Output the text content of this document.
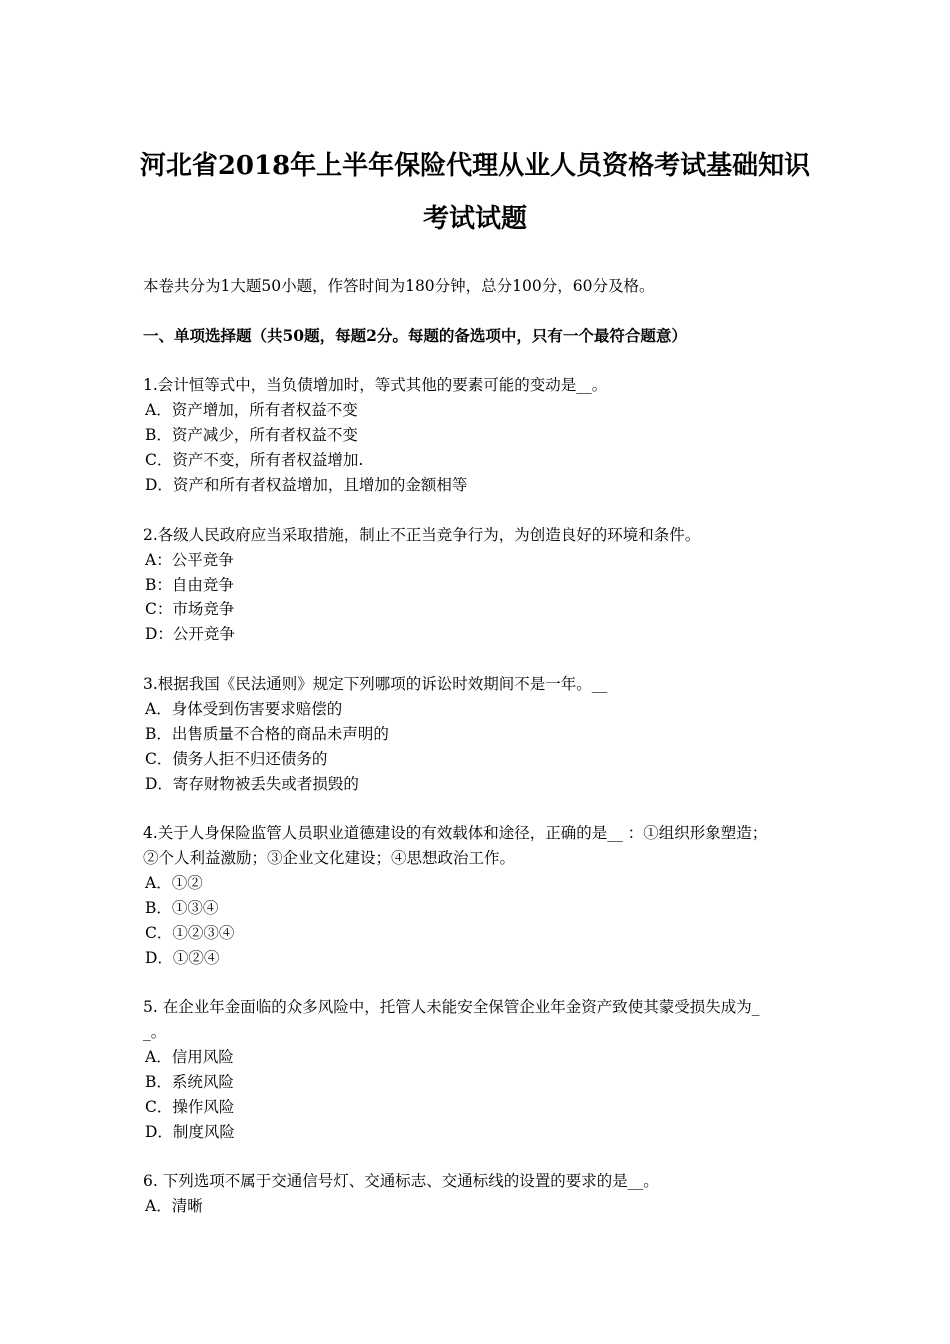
河北省2018年上半年保险代理从业人员资格考试基础知识
考试试题
本卷共分为1大题50小题，作答时间为180分钟，总分100分，60分及格。
一、单项选择题（共50题，每题2分。每题的备选项中，只有一个最符合题意）
1.会计恒等式中，当负债增加时，等式其他的要素可能的变动是__。
A．资产增加，所有者权益不变
B．资产减少，所有者权益不变
C．资产不变，所有者权益增加.
D．资产和所有者权益增加，且增加的金额相等
2.各级人民政府应当采取措施，制止不正当竞争行为，为创造良好的环境和条件。
A：公平竞争
B：自由竞争
C：市场竞争
D：公开竞争
3.根据我国《民法通则》规定下列哪项的诉讼时效期间不是一年。__
A．身体受到伤害要求赔偿的
B．出售质量不合格的商品未声明的
C．债务人拒不归还债务的
D．寄存财物被丢失或者损毁的
4.关于人身保险监管人员职业道德建设的有效载体和途径，正确的是__ ：①组织形象塑造；
②个人利益激励；③企业文化建设；④思想政治工作。
A．①②
B．①③④
C．①②③④
D．①②④
5. 在企业年金面临的众多风险中，托管人未能安全保管企业年金资产致使其蒙受损失成为_
_。
A．信用风险
B．系统风险
C．操作风险
D．制度风险
6. 下列选项不属于交通信号灯、交通标志、交通标线的设置的要求的是__。
A．清晰
